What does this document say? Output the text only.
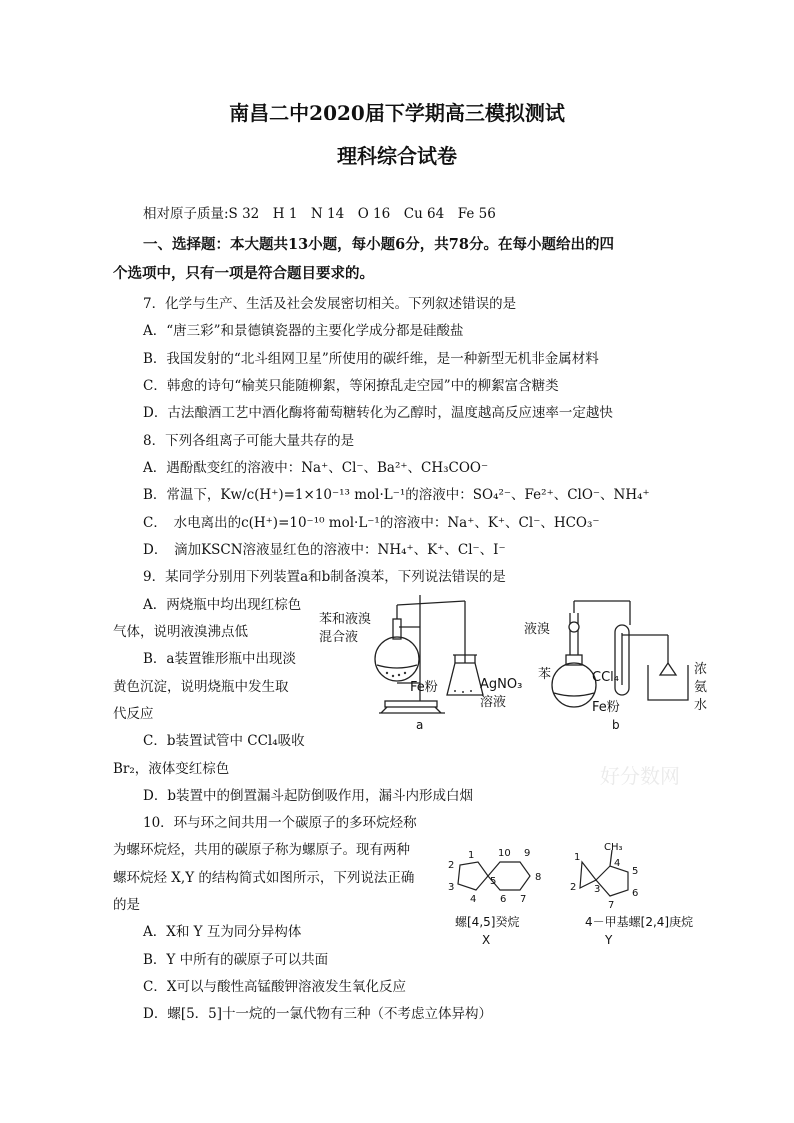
南昌二中2020届下学期高三模拟测试
理科综合试卷
相对原子质量:S 32　H 1　N 14　O 16　Cu 64　Fe 56
一、选择题：本大题共13小题，每小题6分，共78分。在每小题给出的四
个选项中，只有一项是符合题目要求的。
7．化学与生产、生活及社会发展密切相关。下列叙述错误的是
A．“唐三彩”和景德镇瓷器的主要化学成分都是硅酸盐
B．我国发射的“北斗组网卫星”所使用的碳纤维，是一种新型无机非金属材料
C．韩愈的诗句“榆荚只能随柳絮，等闲撩乱走空园”中的柳絮富含糖类
D．古法酿酒工艺中酒化酶将葡萄糖转化为乙醇时，温度越高反应速率一定越快
8．下列各组离子可能大量共存的是
A．遇酚酞变红的溶液中：Na⁺、Cl⁻、Ba²⁺、CH₃COO⁻
B．常温下，Kw/c(H⁺)=1×10⁻¹³ mol·L⁻¹的溶液中：SO₄²⁻、Fe²⁺、ClO⁻、NH₄⁺
C．　水电离出的c(H⁺)=10⁻¹⁰ mol·L⁻¹的溶液中：Na⁺、K⁺、Cl⁻、HCO₃⁻
D．　滴加KSCN溶液显红色的溶液中：NH₄⁺、K⁺、Cl⁻、I⁻
9．某同学分别用下列装置a和b制备溴苯，下列说法错误的是
A．两烧瓶中均出现红棕色
气体，说明液溴沸点低
B．a装置锥形瓶中出现淡
黄色沉淀，说明烧瓶中发生取
代反应
C．b装置试管中 CCl₄吸收
Br₂，液体变红棕色
D．b装置中的倒置漏斗起防倒吸作用，漏斗内形成白烟
苯和液溴
混合液
Fe粉	AgNO₃
溶液
a
液溴
苯	CCl₄
Fe粉
浓
氨
水
b
好分数网
10．环与环之间共用一个碳原子的多环烷烃称
为螺环烷烃，共用的碳原子称为螺原子。现有两种
螺环烷烃 X,Y 的结构简式如图所示，下列说法正确
的是
A．X和 Y 互为同分异构体
B．Y 中所有的碳原子可以共面
C．X可以与酸性高锰酸钾溶液发生氧化反应
D．螺[5．5]十一烷的一氯代物有三种（不考虑立体异构）
1
2
3
4
5
6 7
8
9
10
螺[4,5]癸烷
X
CH₃
1
2 3
4
5
6
7
4－甲基螺[2,4]庚烷
Y
